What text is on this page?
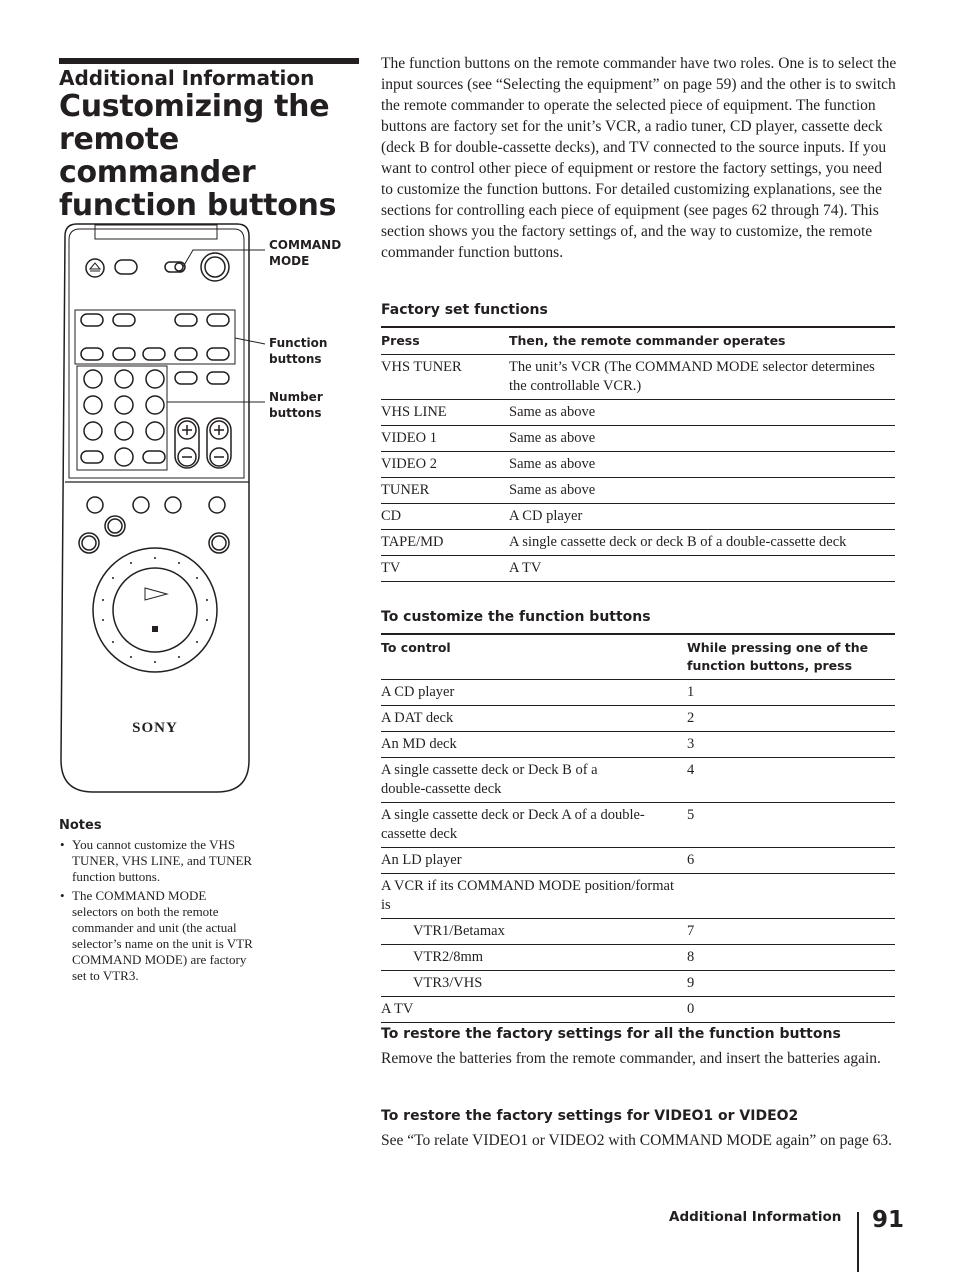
Additional Information
Customizing the remote commander function buttons
SONY
COMMAND
MODE
Function
buttons
Number
buttons

Notes

• You cannot customize the VHS TUNER, VHS LINE, and TUNER function buttons.
• The COMMAND MODE selectors on both the remote commander and unit (the actual selector’s name on the unit is VTR COMMAND MODE) are factory set to VTR3.

The function buttons on the remote commander have two roles. One is to select the input sources (see “Selecting the equipment” on page 59) and the other is to switch the remote commander to operate the selected piece of equipment. The function buttons are factory set for the unit’s VCR, a radio tuner, CD player, cassette deck (deck B for double-cassette decks), and TV connected to the source inputs. If you want to control other piece of equipment or restore the factory settings, you need to customize the function buttons. For detailed customizing explanations, see the sections for controlling each piece of equipment (see pages 62 through 74). This section shows you the factory settings of, and the way to customize, the remote commander function buttons.

Factory set functions

Press	Then, the remote commander operates
VHS TUNER	The unit’s VCR (The COMMAND MODE selector determines the controllable VCR.)
VHS LINE	Same as above
VIDEO 1	Same as above
VIDEO 2	Same as above
TUNER	Same as above
CD	A CD player
TAPE/MD	A single cassette deck or deck B of a double-cassette deck
TV	A TV

To customize the function buttons

To control	While pressing one of the function buttons, press
A CD player	1
A DAT deck	2
An MD deck	3
A single cassette deck or Deck B of a double-cassette deck	4
A single cassette deck or Deck A of a double-cassette deck	5
An LD player	6
A VCR if its COMMAND MODE position/format is	
VTR1/Betamax	7
VTR2/8mm	8
VTR3/VHS	9
A TV	0

To restore the factory settings for all the function buttons

Remove the batteries from the remote commander, and insert the batteries again.

To restore the factory settings for VIDEO1 or VIDEO2

See “To relate VIDEO1 or VIDEO2 with COMMAND MODE again” on page 63.

Additional Information 91
